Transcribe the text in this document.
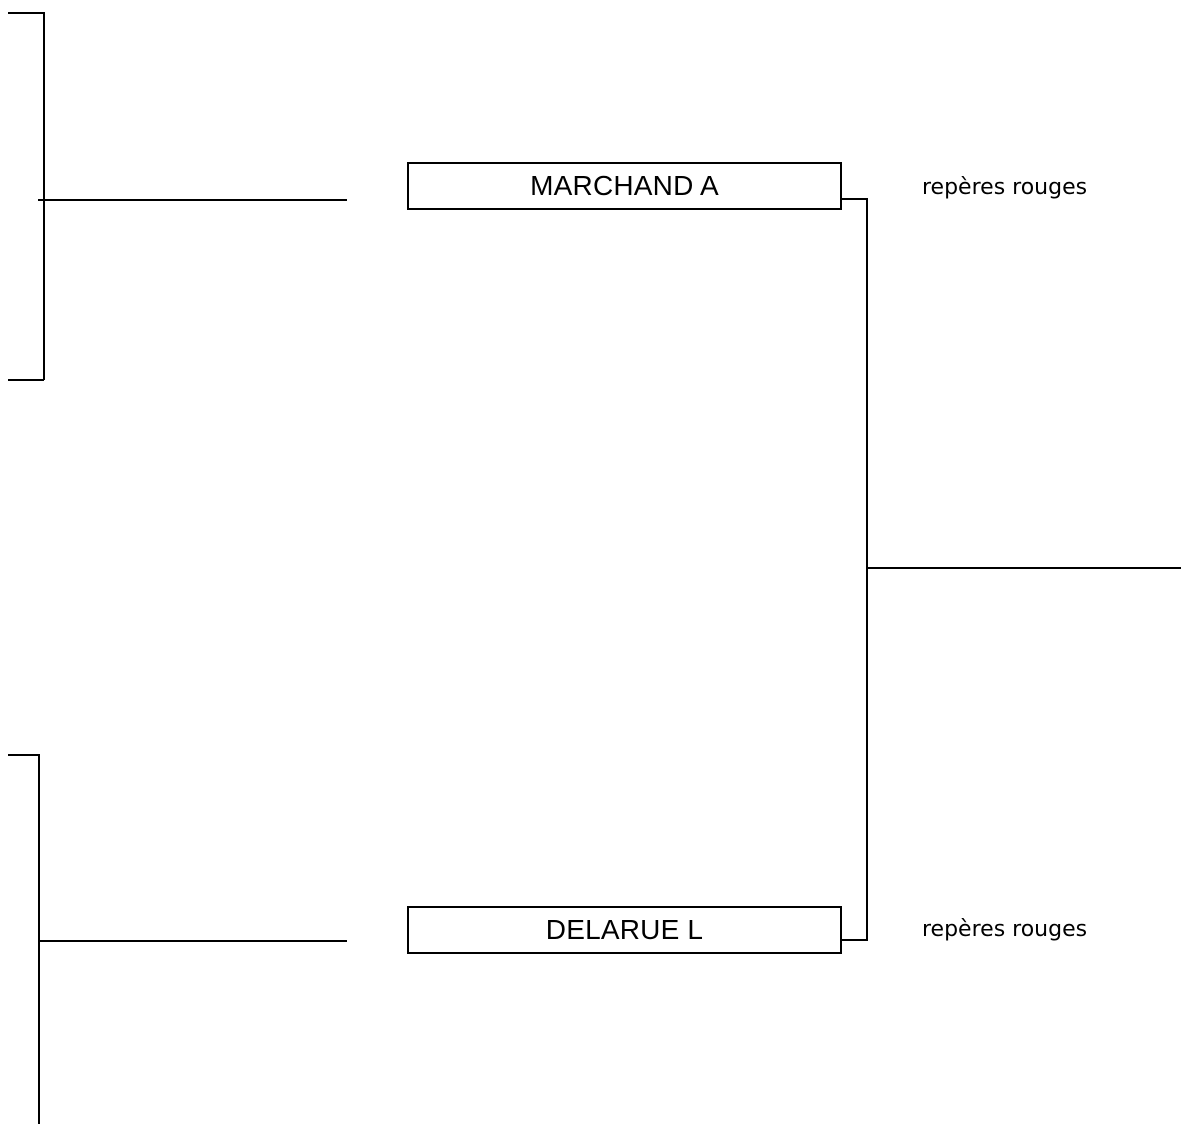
MARCHAND A
DELARUE L
repères rouges
repères rouges
